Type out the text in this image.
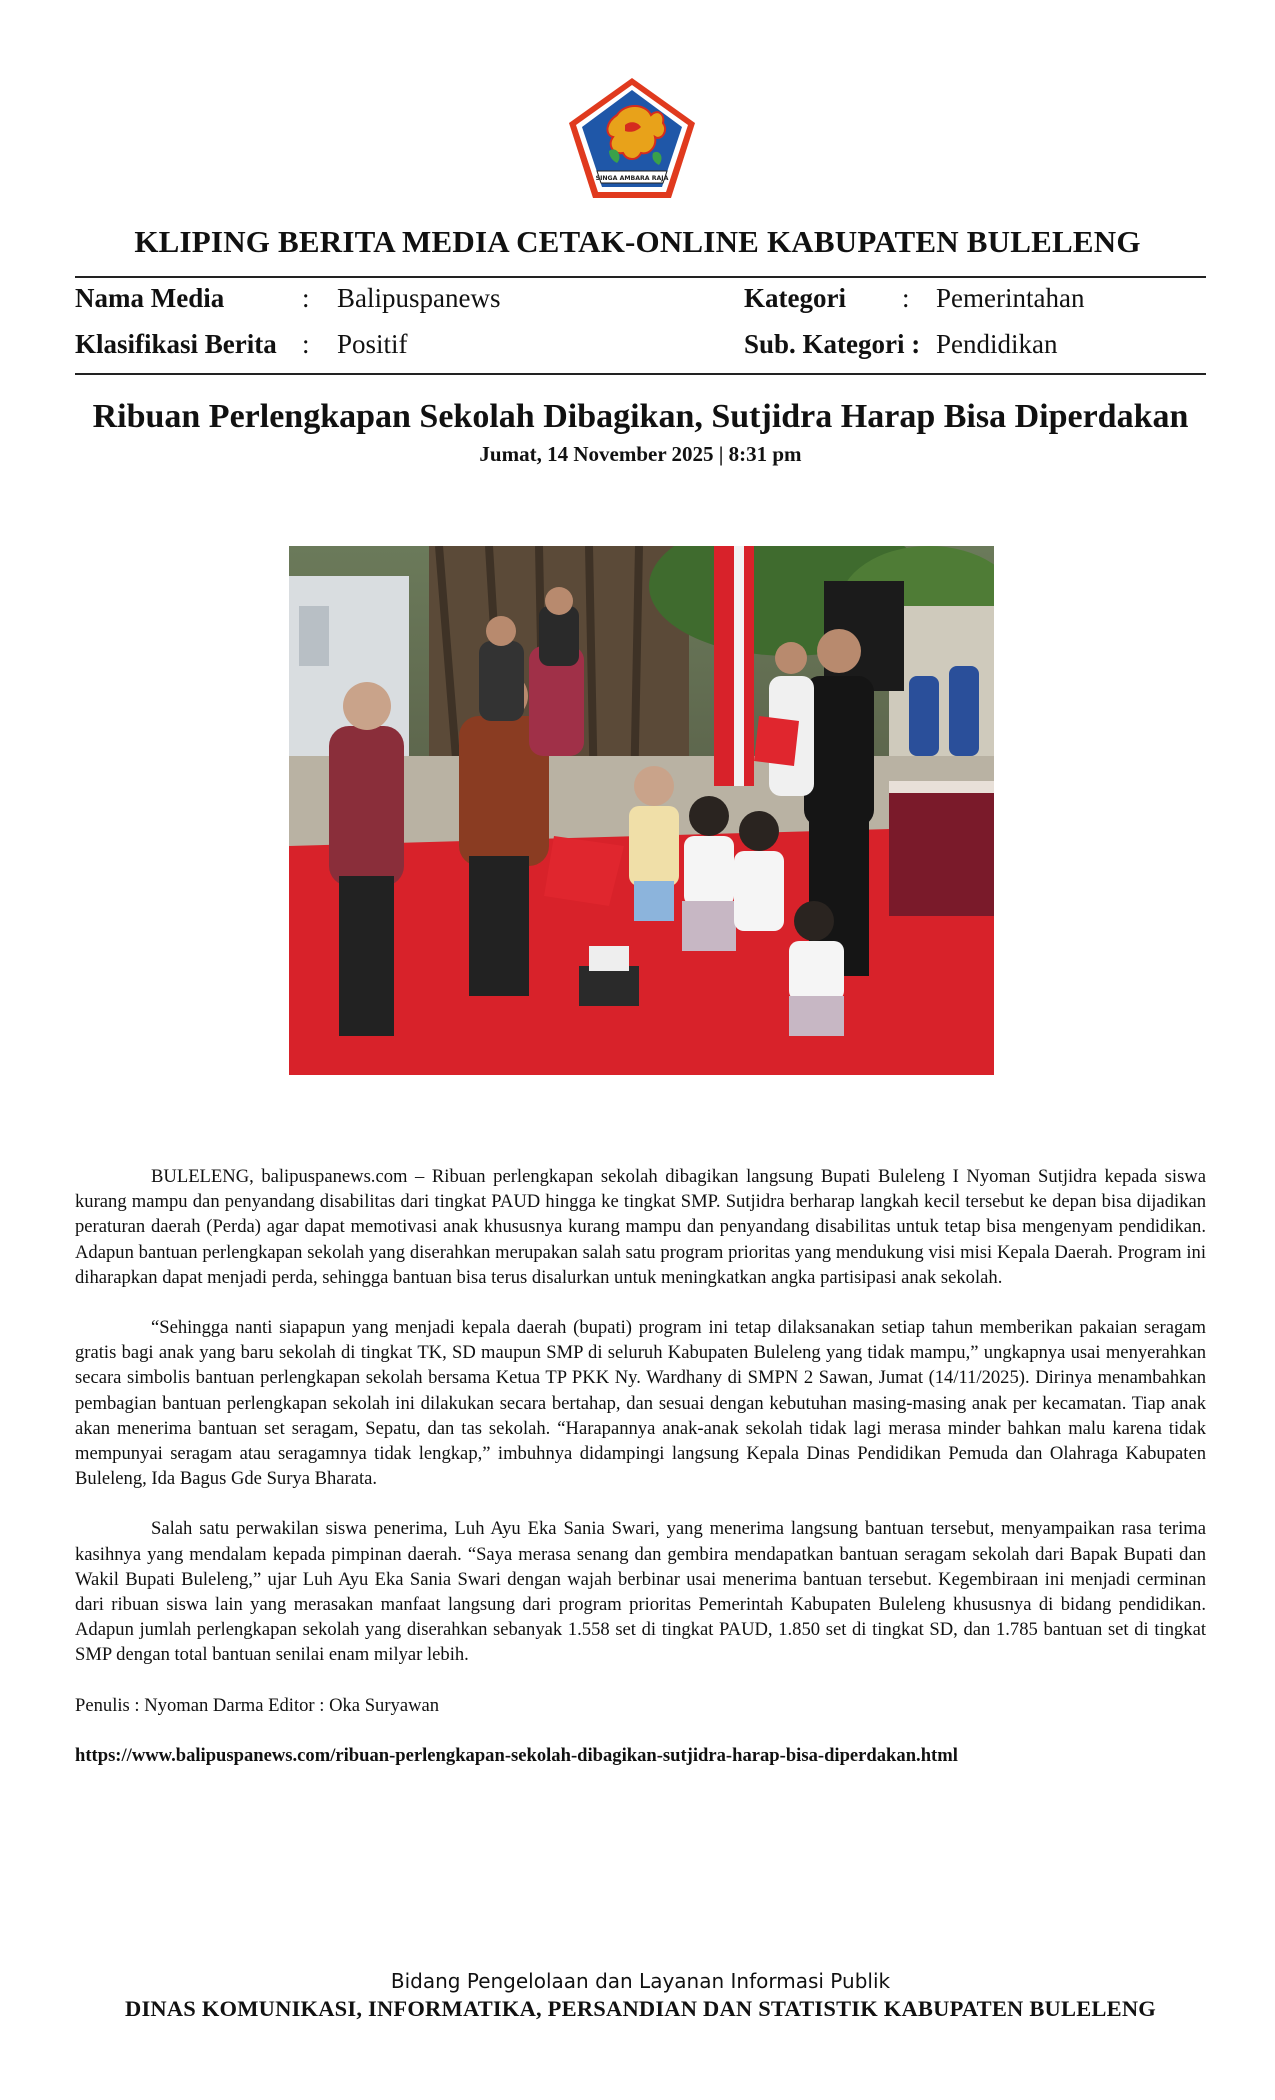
SINGA AMBARA RAJA
KLIPING BERITA MEDIA CETAK-ONLINE KABUPATEN BULELENG
Nama Media	: Balipuspanews	Kategori : Pemerintahan
Klasifikasi Berita : Positif	Sub. Kategori : Pendidikan
Ribuan Perlengkapan Sekolah Dibagikan, Sutjidra Harap Bisa Diperdakan
Jumat, 14 November 2025 | 8:31 pm

BULELENG, balipuspanews.com – Ribuan perlengkapan sekolah dibagikan langsung Bupati Buleleng I Nyoman Sutjidra kepada siswa kurang mampu dan penyandang disabilitas dari tingkat PAUD hingga ke tingkat SMP. Sutjidra berharap langkah kecil tersebut ke depan bisa dijadikan peraturan daerah (Perda) agar dapat memotivasi anak khususnya kurang mampu dan penyandang disabilitas untuk tetap bisa mengenyam pendidikan. Adapun bantuan perlengkapan sekolah yang diserahkan merupakan salah satu program prioritas yang mendukung visi misi Kepala Daerah. Program ini diharapkan dapat menjadi perda, sehingga bantuan bisa terus disalurkan untuk meningkatkan angka partisipasi anak sekolah.

“Sehingga nanti siapapun yang menjadi kepala daerah (bupati) program ini tetap dilaksanakan setiap tahun memberikan pakaian seragam gratis bagi anak yang baru sekolah di tingkat TK, SD maupun SMP di seluruh Kabupaten Buleleng yang tidak mampu,” ungkapnya usai menyerahkan secara simbolis bantuan perlengkapan sekolah bersama Ketua TP PKK Ny. Wardhany di SMPN 2 Sawan, Jumat (14/11/2025). Dirinya menambahkan pembagian bantuan perlengkapan sekolah ini dilakukan secara bertahap, dan sesuai dengan kebutuhan masing-masing anak per kecamatan. Tiap anak akan menerima bantuan set seragam, Sepatu, dan tas sekolah. “Harapannya anak-anak sekolah tidak lagi merasa minder bahkan malu karena tidak mempunyai seragam atau seragamnya tidak lengkap,” imbuhnya didampingi langsung Kepala Dinas Pendidikan Pemuda dan Olahraga Kabupaten Buleleng, Ida Bagus Gde Surya Bharata.

Salah satu perwakilan siswa penerima, Luh Ayu Eka Sania Swari, yang menerima langsung bantuan tersebut, menyampaikan rasa terima kasihnya yang mendalam kepada pimpinan daerah. “Saya merasa senang dan gembira mendapatkan bantuan seragam sekolah dari Bapak Bupati dan Wakil Bupati Buleleng,” ujar Luh Ayu Eka Sania Swari dengan wajah berbinar usai menerima bantuan tersebut. Kegembiraan ini menjadi cerminan dari ribuan siswa lain yang merasakan manfaat langsung dari program prioritas Pemerintah Kabupaten Buleleng khususnya di bidang pendidikan. Adapun jumlah perlengkapan sekolah yang diserahkan sebanyak 1.558 set di tingkat PAUD, 1.850 set di tingkat SD, dan 1.785 bantuan set di tingkat SMP dengan total bantuan senilai enam milyar lebih.

Penulis : Nyoman Darma Editor : Oka Suryawan
https://www.balipuspanews.com/ribuan-perlengkapan-sekolah-dibagikan-sutjidra-harap-bisa-diperdakan.html
Bidang Pengelolaan dan Layanan Informasi Publik
DINAS KOMUNIKASI, INFORMATIKA, PERSANDIAN DAN STATISTIK KABUPATEN BULELENG
